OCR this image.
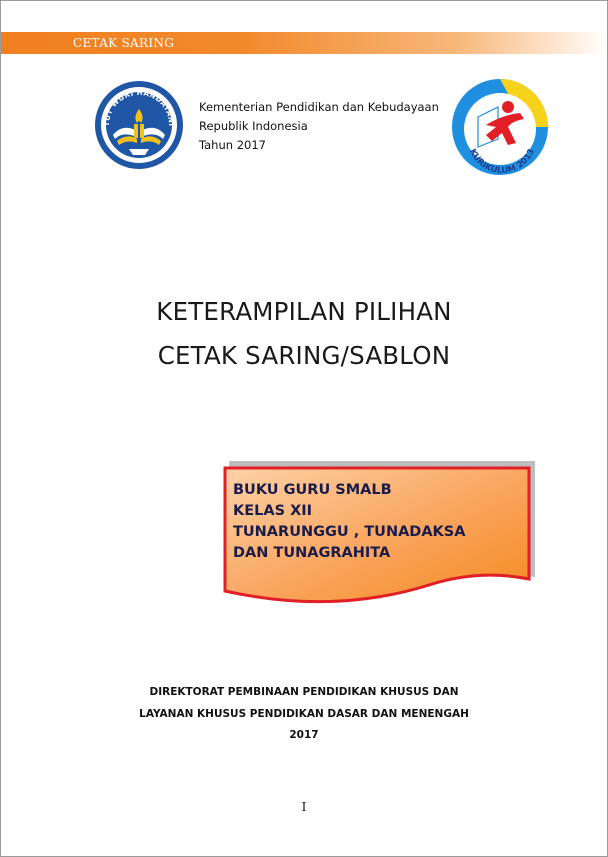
CETAK SARING
TUT WURI HANDAYANI
Kementerian Pendidikan dan Kebudayaan
Republik Indonesia
Tahun 2017
KURIKULUM 2013
KETERAMPILAN PILIHAN
CETAK SARING/SABLON
BUKU GURU SMALB
KELAS XII
TUNARUNGGU , TUNADAKSA
DAN TUNAGRAHITA
DIREKTORAT PEMBINAAN PENDIDIKAN KHUSUS DAN
LAYANAN KHUSUS PENDIDIKAN DASAR DAN MENENGAH
2017
I
